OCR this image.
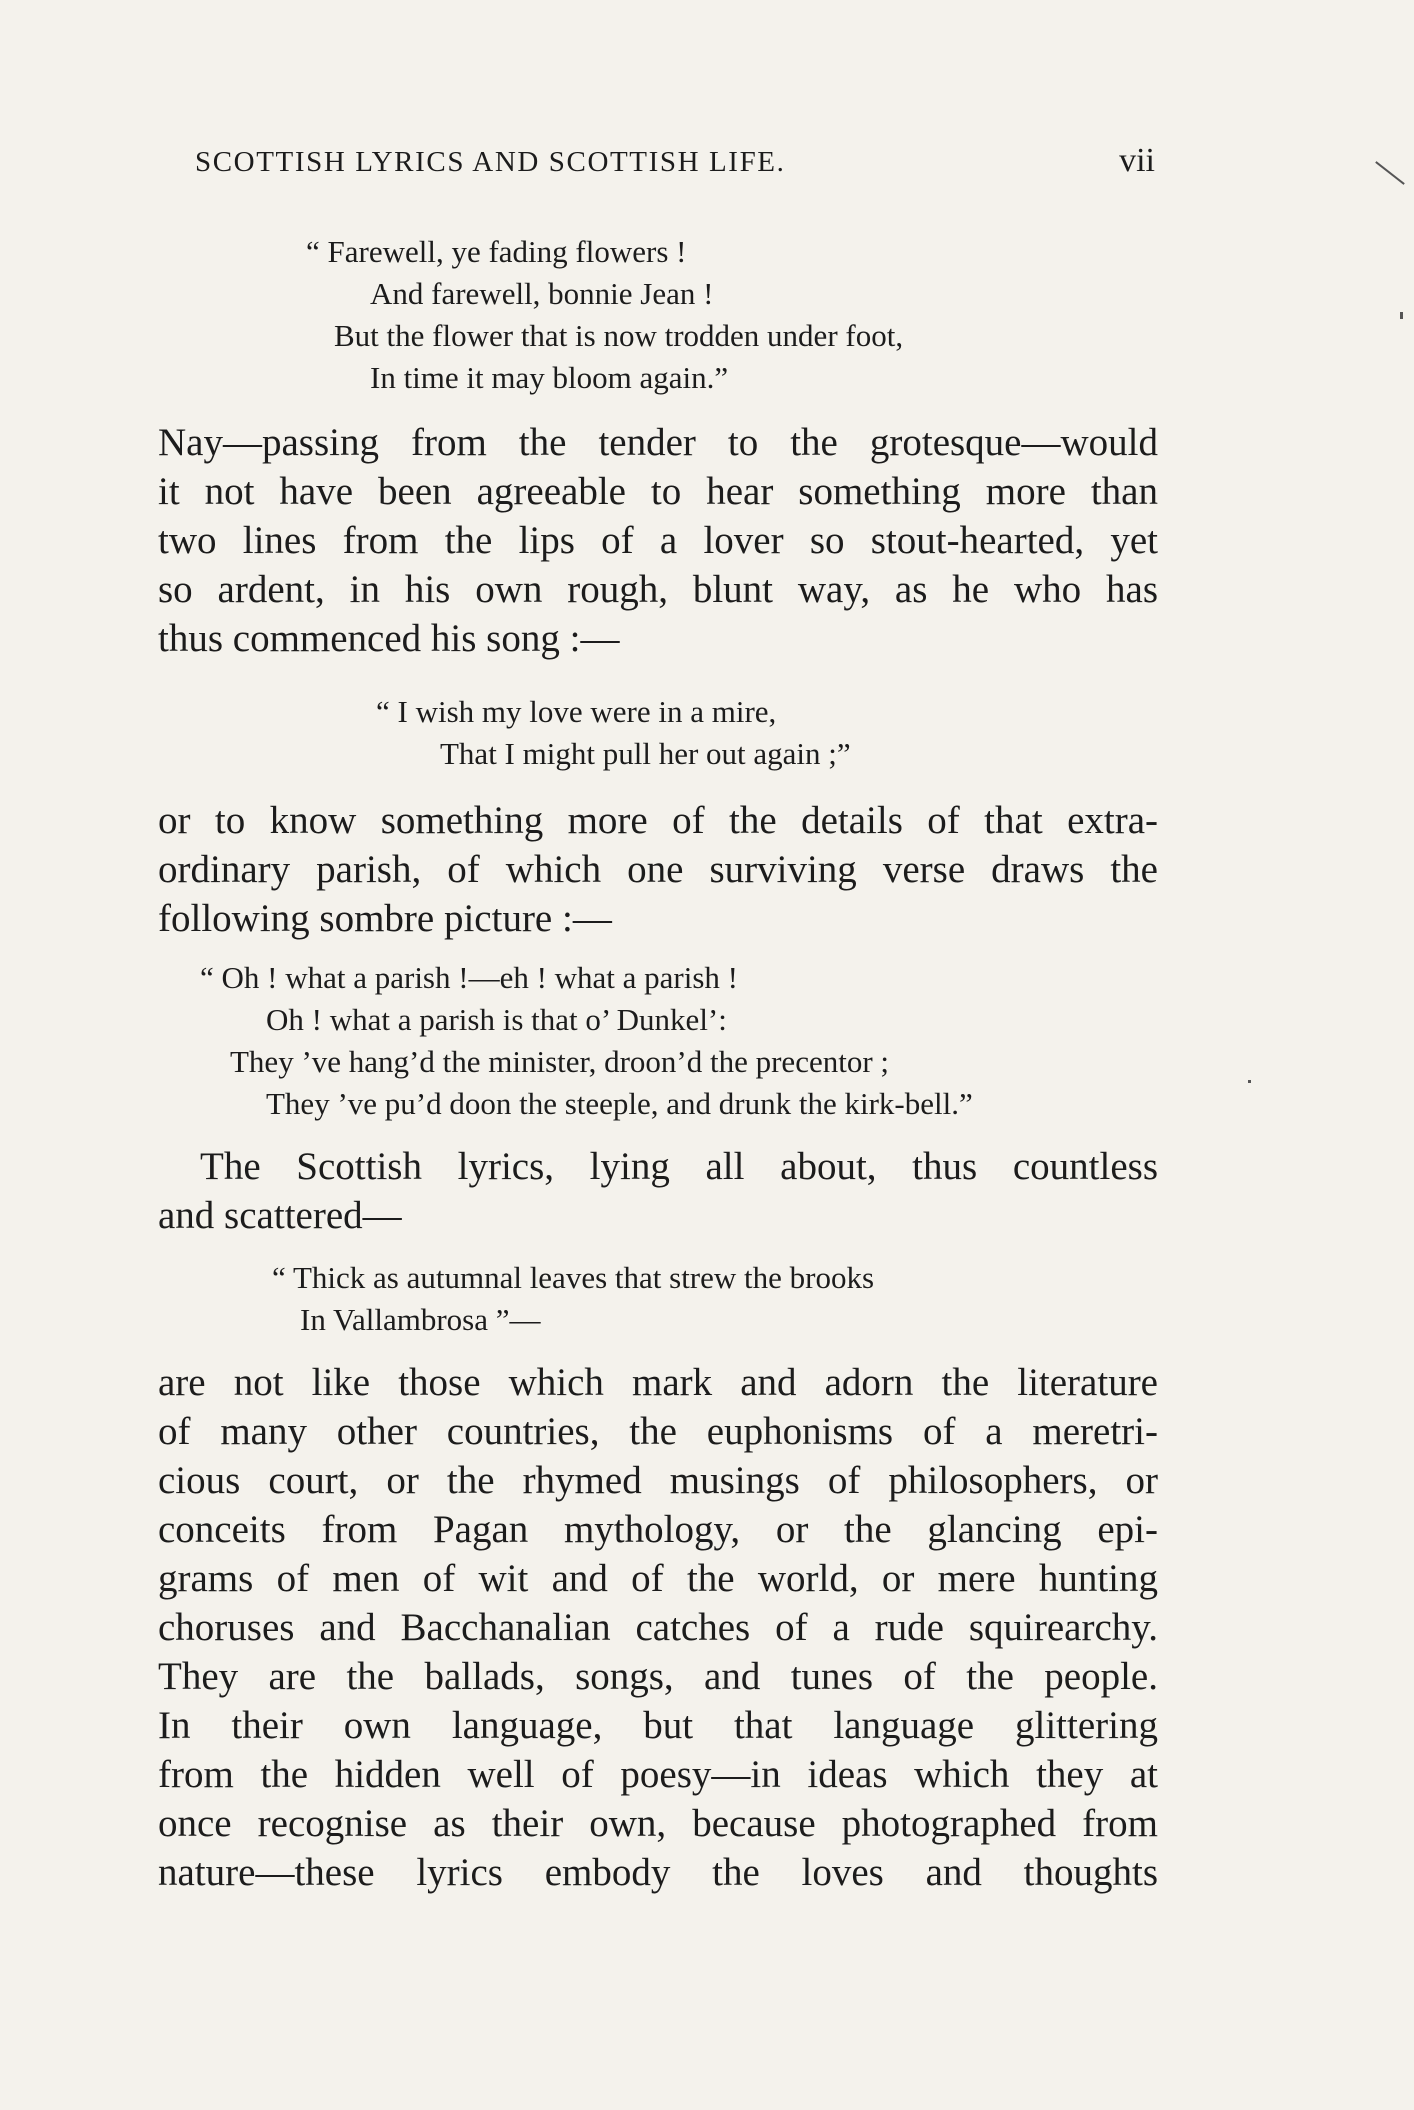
SCOTTISH LYRICS AND SCOTTISH LIFE.	vii
“ Farewell, ye fading flowers !
And farewell, bonnie Jean !
But the flower that is now trodden under foot,
In time it may bloom again.”
Nay—passing from the tender to the grotesque—would
it not have been agreeable to hear something more than
two lines from the lips of a lover so stout-hearted, yet
so ardent, in his own rough, blunt way, as he who has
thus commenced his song :—
“ I wish my love were in a mire,
That I might pull her out again ;”
or to know something more of the details of that extra-
ordinary parish, of which one surviving verse draws the
following sombre picture :—
“ Oh ! what a parish !—eh ! what a parish !
Oh ! what a parish is that o’ Dunkel’:
They ’ve hang’d the minister, droon’d the precentor ;
They ’ve pu’d doon the steeple, and drunk the kirk-bell.”
The Scottish lyrics, lying all about, thus countless
and scattered—
“ Thick as autumnal leaves that strew the brooks
In Vallambrosa ”—
are not like those which mark and adorn the literature
of many other countries, the euphonisms of a meretri-
cious court, or the rhymed musings of philosophers, or
conceits from Pagan mythology, or the glancing epi-
grams of men of wit and of the world, or mere hunting
choruses and Bacchanalian catches of a rude squirearchy.
They are the ballads, songs, and tunes of the people.
In their own language, but that language glittering
from the hidden well of poesy—in ideas which they at
once recognise as their own, because photographed from
nature—these lyrics embody the loves and thoughts
